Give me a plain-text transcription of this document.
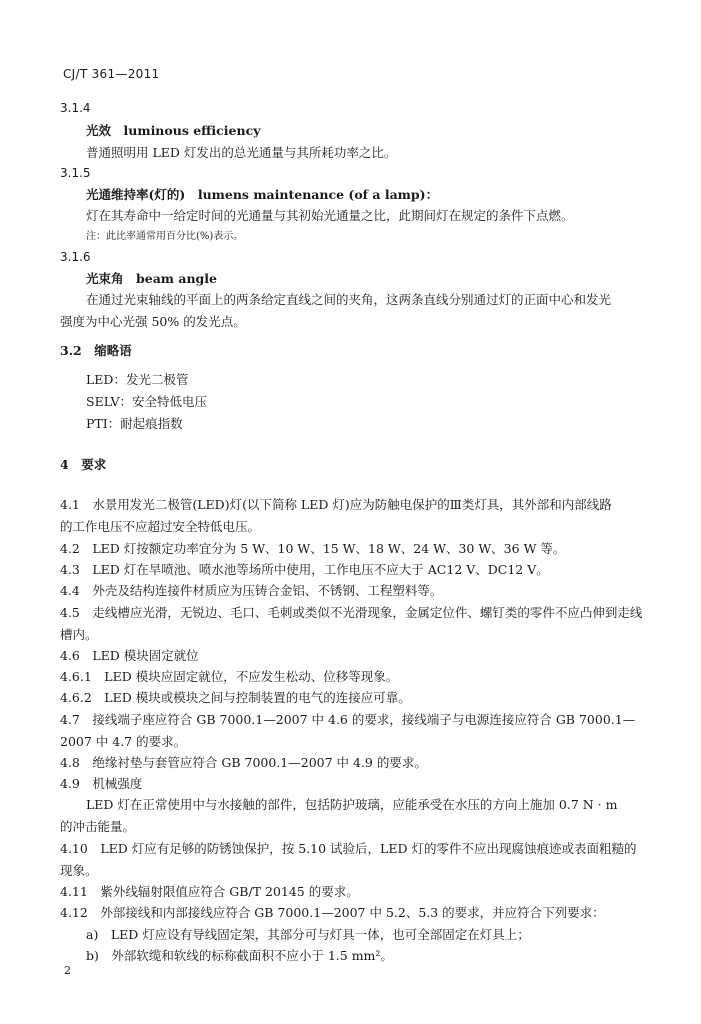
CJ/T 361—2011
3.1.4
光效　luminous efficiency
普通照明用 LED 灯发出的总光通量与其所耗功率之比。
3.1.5
光通维持率(灯的)　lumens maintenance (of a lamp)：
灯在其寿命中一给定时间的光通量与其初始光通量之比，此期间灯在规定的条件下点燃。
注：此比率通常用百分比(%)表示。
3.1.6
光束角　beam angle
在通过光束轴线的平面上的两条给定直线之间的夹角，这两条直线分别通过灯的正面中心和发光
强度为中心光强 50% 的发光点。
3.2　缩略语
LED：发光二极管
SELV：安全特低电压
PTI：耐起痕指数
4　要求
4.1　水景用发光二极管(LED)灯(以下简称 LED 灯)应为防触电保护的Ⅲ类灯具，其外部和内部线路
的工作电压不应超过安全特低电压。
4.2　LED 灯按额定功率宜分为 5 W、10 W、15 W、18 W、24 W、30 W、36 W 等。
4.3　LED 灯在旱喷池、喷水池等场所中使用，工作电压不应大于 AC12 V、DC12 V。
4.4　外壳及结构连接件材质应为压铸合金铝、不锈钢、工程塑料等。
4.5　走线槽应光滑，无锐边、毛口、毛刺或类似不光滑现象，金属定位件、螺钉类的零件不应凸伸到走线
槽内。
4.6　LED 模块固定就位
4.6.1　LED 模块应固定就位，不应发生松动、位移等现象。
4.6.2　LED 模块或模块之间与控制装置的电气的连接应可靠。
4.7　接线端子座应符合 GB 7000.1—2007 中 4.6 的要求，接线端子与电源连接应符合 GB 7000.1—
2007 中 4.7 的要求。
4.8　绝缘衬垫与套管应符合 GB 7000.1—2007 中 4.9 的要求。
4.9　机械强度
LED 灯在正常使用中与水接触的部件，包括防护玻璃，应能承受在水压的方向上施加 0.7 N · m
的冲击能量。
4.10　LED 灯应有足够的防锈蚀保护，按 5.10 试验后，LED 灯的零件不应出现腐蚀痕迹或表面粗糙的
现象。
4.11　紫外线辐射限值应符合 GB/T 20145 的要求。
4.12　外部接线和内部接线应符合 GB 7000.1—2007 中 5.2、5.3 的要求，并应符合下列要求：
a)　LED 灯应设有导线固定架，其部分可与灯具一体，也可全部固定在灯具上；
b)　外部软缆和软线的标称截面积不应小于 1.5 mm²。
2
